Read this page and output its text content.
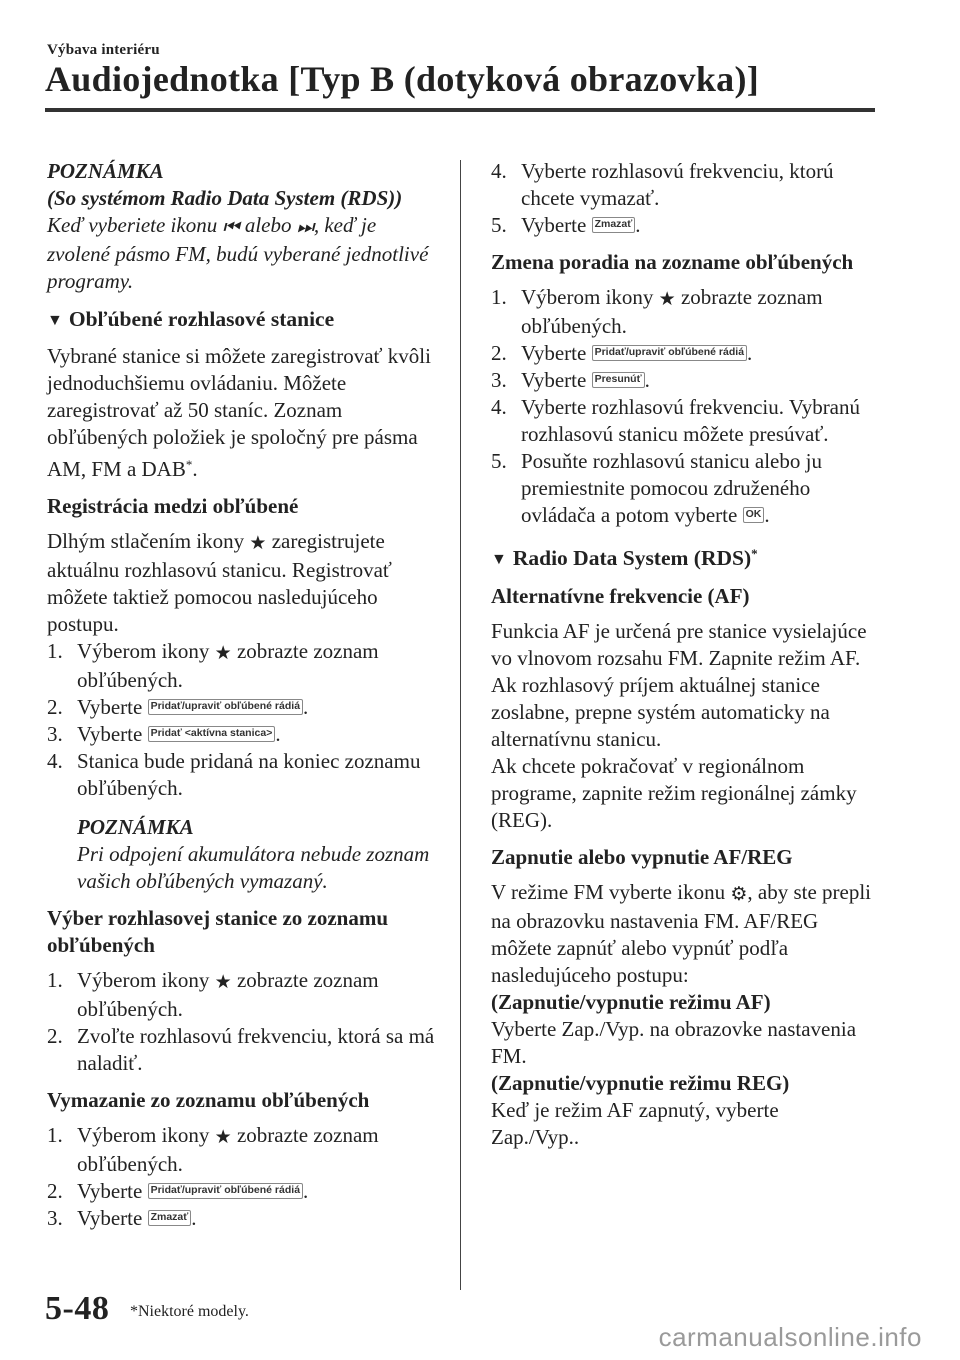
Výbava interiéru
Audiojednotka [Typ B (dotyková obrazovka)]

POZNÁMKA

(So systémom Radio Data System (RDS))

Keď vyberiete ikonu ⏮ alebo ⏭, keď je zvolené pásmo FM, budú vyberané jednotlivé programy.

▼ Obľúbené rozhlasové stanice

Vybrané stanice si môžete zaregistrovať kvôli jednoduchšiemu ovládaniu. Môžete zaregistrovať až 50 staníc. Zoznam obľúbených položiek je spoločný pre pásma AM, FM a DAB*.

Registrácia medzi obľúbené

Dlhým stlačením ikony ★ zaregistrujete aktuálnu rozhlasovú stanicu. Registrovať môžete taktiež pomocou nasledujúceho postupu.

1. Výberom ikony ★ zobrazte zoznam obľúbených.
2. Vyberte Pridať/upraviť obľúbené rádiá .
3. Vyberte Pridať <aktívna stanica> .
4. Stanica bude pridaná na koniec zoznamu obľúbených.

POZNÁMKA

Pri odpojení akumulátora nebude zoznam vašich obľúbených vymazaný.

Výber rozhlasovej stanice zo zoznamu obľúbených

1. Výberom ikony ★ zobrazte zoznam obľúbených.
2. Zvoľte rozhlasovú frekvenciu, ktorá sa má naladiť.

Vymazanie zo zoznamu obľúbených

1. Výberom ikony ★ zobrazte zoznam obľúbených.
2. Vyberte Pridať/upraviť obľúbené rádiá .
3. Vyberte Zmazať .
4. Vyberte rozhlasovú frekvenciu, ktorú chcete vymazať.
5. Vyberte Zmazať .

Zmena poradia na zozname obľúbených

1. Výberom ikony ★ zobrazte zoznam obľúbených.
2. Vyberte Pridať/upraviť obľúbené rádiá .
3. Vyberte Presunúť .
4. Vyberte rozhlasovú frekvenciu. Vybranú rozhlasovú stanicu môžete presúvať.
5. Posuňte rozhlasovú stanicu alebo ju premiestnite pomocou združeného ovládača a potom vyberte OK .
▼ Radio Data System (RDS)*

Alternatívne frekvencie (AF)

Funkcia AF je určená pre stanice vysielajúce vo vlnovom rozsahu FM. Zapnite režim AF. Ak rozhlasový príjem aktuálnej stanice zoslabne, prepne systém automaticky na alternatívnu stanicu.

Ak chcete pokračovať v regionálnom programe, zapnite režim regionálnej zámky (REG).

Zapnutie alebo vypnutie AF/REG

V režime FM vyberte ikonu ⚙, aby ste prepli na obrazovku nastavenia FM. AF/REG môžete zapnúť alebo vypnúť podľa nasledujúceho postupu:

(Zapnutie/vypnutie režimu AF)

Vyberte Zap./Vyp. na obrazovke nastavenia FM.

(Zapnutie/vypnutie režimu REG)

Keď je režim AF zapnutý, vyberte Zap./Vyp..

5-48 *Niektoré modely.
carmanualsonline.info
